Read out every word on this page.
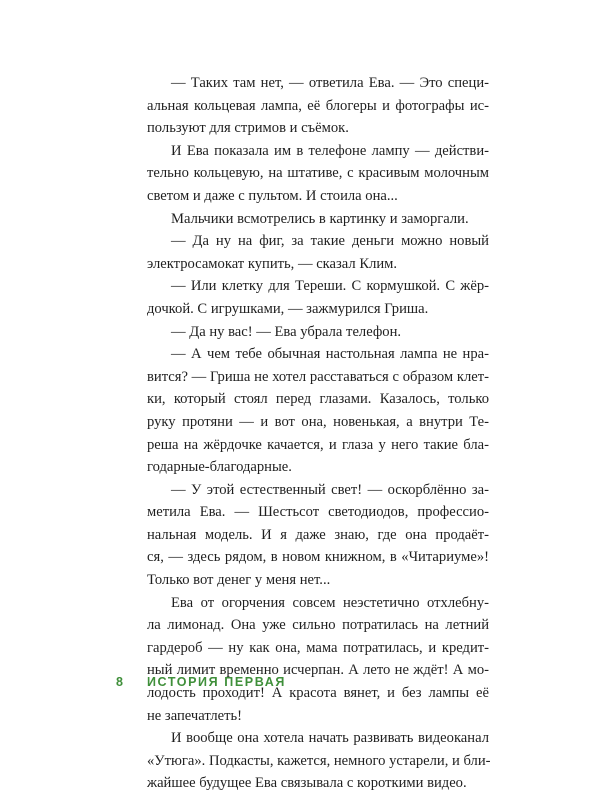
— Таких там нет, — ответила Ева. — Это специ-
альная кольцевая лампа, её блогеры и фотографы ис-
пользуют для стримов и съёмок.
И Ева показала им в телефоне лампу — действи-
тельно кольцевую, на штативе, с красивым молочным
светом и даже с пультом. И стоила она...
Мальчики всмотрелись в картинку и заморгали.
— Да ну на фиг, за такие деньги можно новый
электросамокат купить, — сказал Клим.
— Или клетку для Тереши. С кормушкой. С жёр-
дочкой. С игрушками, — зажмурился Гриша.
— Да ну вас! — Ева убрала телефон.
— А чем тебе обычная настольная лампа не нра-
вится? — Гриша не хотел расставаться с образом клет-
ки, который стоял перед глазами. Казалось, только
руку протяни — и вот она, новенькая, а внутри Те-
реша на жёрдочке качается, и глаза у него такие бла-
годарные-благодарные.
— У этой естественный свет! — оскорблённо за-
метила Ева. — Шестьсот светодиодов, профессио-
нальная модель. И я даже знаю, где она продаёт-
ся, — здесь рядом, в новом книжном, в «Читариуме»!
Только вот денег у меня нет...
Ева от огорчения совсем неэстетично отхлебну-
ла лимонад. Она уже сильно потратилась на летний
гардероб — ну как она, мама потратилась, и кредит-
ный лимит временно исчерпан. А лето не ждёт! А мо-
лодость проходит! А красота вянет, и без лампы её
не запечатлеть!
И вообще она хотела начать развивать видеоканал
«Утюга». Подкасты, кажется, немного устарели, и бли-
жайшее будущее Ева связывала с короткими видео.
8 ИСТОРИЯ ПЕРВАЯ
